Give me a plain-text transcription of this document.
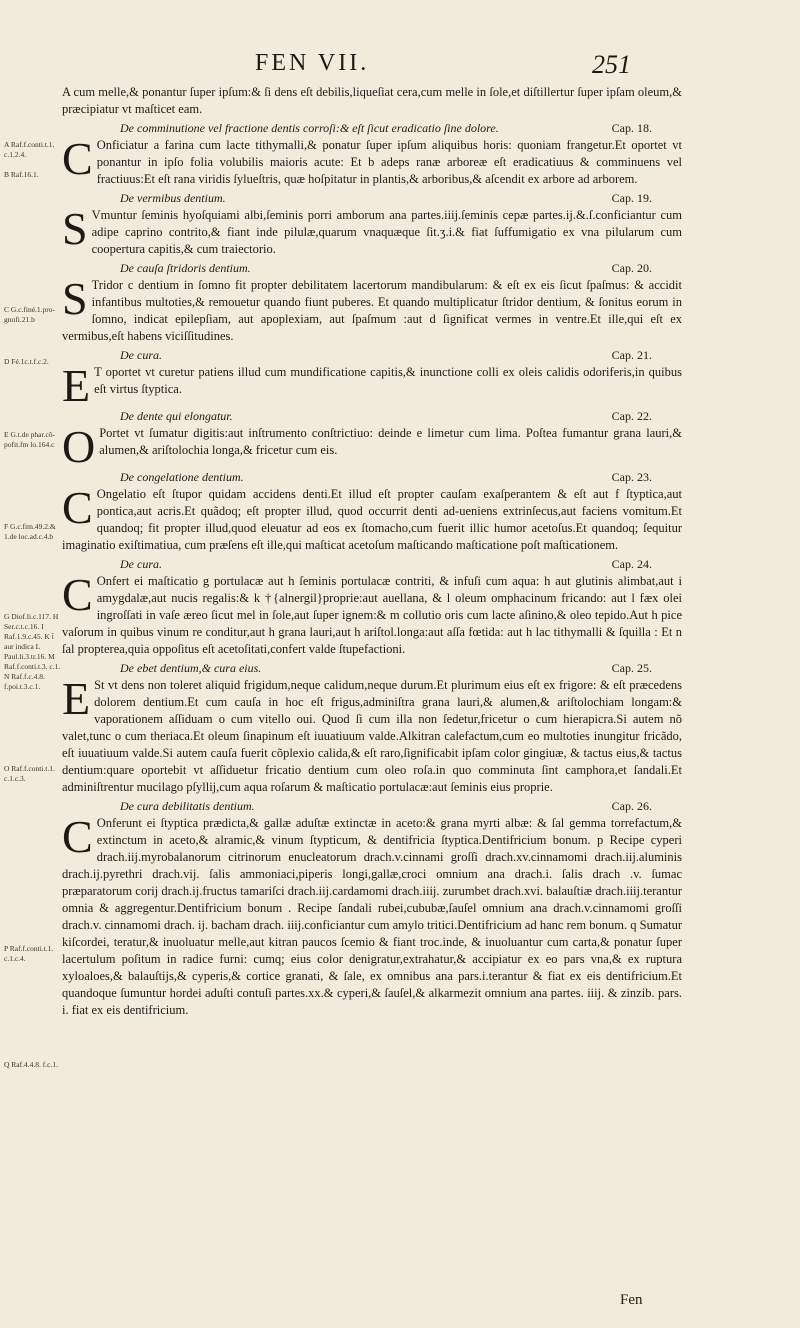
FEN VII.	251
A Raf.f.conti.t.1. c.1.2.4.
B Raf.16.1.
C G.c.finé.1.pro-gnofi.21.b
D Fé.1c.t.f.c.2.
E G.t.de phar.cõ-pofit.fm lo.164.c
F G.c.fim.49.2.& 1.de loc.ad.c.4.b
G Diof.li.c.117. H Ser.c.t.c.16. I Raf.1.9.c.45. K t̃ aur indica L Paul.li.3.tr.16. M Raf.f.conti.t.3. c.1. N Raf.f.c.4.8. f.poi.t.3.c.1.
O Raf.f.conti.t.1. c.1.c.3.
P Raf.f.conti.t.1. c.1.c.4.
Q Raf.4.4.8. f.c.1.

A cum melle,& ponantur ſuper ipſum:& ſi dens eſt debilis,liqueſiat cera,cum melle in ſole,et diſtillertur ſuper ipſam oleum,& præcipiatur vt maſticet eam.

De comminutione vel fractione dentis corroſi:& eſt ſicut eradicatio ſine dolore.	Cap. 18.

C Onficiatur a farina cum lacte tithymalli,& ponatur ſuper ipſum aliquibus horis: quoniam frangetur.Et oportet vt ponantur in ipſo folia volubilis maioris acute: Et b adeps ranæ arboreæ eſt eradicatiuus & comminuens vel fractiuus:Et eſt rana viridis ſylueſtris, quæ hoſpitatur in plantis,& arboribus,& aſcendit ex arbore ad arborem.

De vermibus dentium.	Cap. 19.

S Vmuntur ſeminis hyoſquiami albi,ſeminis porri amborum ana partes.iiij.ſeminis cepæ partes.ij.&.ſ.conficiantur cum adipe caprino contrito,& fiant inde pilulæ,quarum vnaquæque ſit.ʒ.i.& fiat ſuffumigatio ex vna pilularum cum coopertura capitis,& cum traiectorio.

De cauſa ſtridoris dentium.	Cap. 20.

S Tridor c dentium in ſomno fit propter debilitatem lacertorum mandibularum: & eſt ex eis ſicut ſpaſmus: & accidit infantibus multoties,& remouetur quando fiunt puberes. Et quando multiplicatur ſtridor dentium, & ſonitus eorum in ſomno, indicat epilepſiam, aut apoplexiam, aut ſpaſmum :aut d ſignificat vermes in ventre.Et ille,qui eſt ex vermibus,eſt habens viciſſitudines.

De cura.	Cap. 21.

E T oportet vt curetur patiens illud cum mundificatione capitis,& inunctione colli ex oleis calidis odoriferis,in quibus eſt virtus ſtyptica.

De dente qui elongatur.	Cap. 22.

O Portet vt ſumatur digitis:aut inſtrumento conſtrictiuo: deinde e limetur cum lima. Poſtea fumantur grana lauri,& alumen,& ariſtolochia longa,& fricetur cum eis.

De congelatione dentium.	Cap. 23.

C Ongelatio eſt ſtupor quidam accidens denti.Et illud eſt propter cauſam exaſperantem & eſt aut f ſtyptica,aut pontica,aut acris.Et quãdoq; eſt propter illud, quod occurrit denti ad-ueniens extrinſecus,aut faciens vomitum.Et quandoq; fit propter illud,quod eleuatur ad eos ex ſtomacho,cum fuerit illic humor acetoſus.Et quandoq; ſequitur imaginatio exiſtimatiua, cum præſens eſt ille,qui maſticat acetoſum maſticando maſticatione poſt maſticationem.

De cura.	Cap. 24.

C Onfert ei maſticatio g portulacæ aut h ſeminis portulacæ contriti, & infuſi cum aqua: h aut glutinis alimbat,aut i amygdalæ,aut nucis regalis:& k †{alnergil}proprie:aut auellana, & l oleum omphacinum fricando: aut l fæx olei ingroſſati in vaſe æreo ſicut mel in ſole,aut ſuper ignem:& m collutio oris cum lacte aſinino,& oleo tepido.Aut h pice vaſorum in quibus vinum re conditur,aut h grana lauri,aut h ariſtol.longa:aut aſſa fœtida: aut h lac tithymalli & ſquilla : Et n ſal propterea,quia oppoſitus eſt acetoſitati,confert valde ſtupefactioni.

De ebet dentium,& cura eius.	Cap. 25.

E St vt dens non toleret aliquid frigidum,neque calidum,neque durum.Et plurimum eius eſt ex frigore: & eſt præcedens dolorem dentium.Et cum cauſa in hoc eſt frigus,adminiſtra grana lauri,& alumen,& ariſtolochiam longam:& vaporationem aſſiduam o cum vitello oui. Quod ſi cum illa non ſedetur,fricetur o cum hierapicra.Si autem nõ valet,tunc o cum theriaca.Et oleum ſinapinum eſt iuuatiuum valde.Alkitran calefactum,cum eo multoties inungitur fricãdo, eſt iuuatiuum valde.Si autem cauſa fuerit cõplexio calida,& eſt raro,ſignificabit ipſam color gingiuæ, & tactus eius,& tactus dentium:quare oportebit vt aſſiduetur fricatio dentium cum oleo roſa.in quo comminuta ſint camphora,et ſandali.Et adminiſtrentur mucilago pſyllij,cum aqua roſarum & maſticatio portulacæ:aut ſeminis eius proprie.

De cura debilitatis dentium.	Cap. 26.

C Onferunt ei ſtyptica prædicta,& gallæ aduſtæ extinctæ in aceto:& grana myrti albæ: & ſal gemma torrefactum,& extinctum in aceto,& alramic,& vinum ſtypticum, & dentifricia ſtyptica.Dentifricium bonum. p Recipe cyperi drach.iij.myrobalanorum citrinorum enucleatorum drach.v.cinnami groſſi drach.xv.cinnamomi drach.iij.aluminis drach.ij.pyrethri drach.vij. ſalis ammoniaci,piperis longi,gallæ,croci omnium ana drach.i. ſalis drach .v. ſumac præparatorum corij drach.ij.fructus tamariſci drach.iij.cardamomi drach.iiij. zurumbet drach.xvi. balauſtiæ drach.iiij.terantur omnia & aggregentur.Dentifricium bonum . Recipe ſandali rubei,cububæ,ſauſel omnium ana drach.v.cinnamomi groſſi drach.v. cinnamomi drach. ij. bacham drach. iiij.conficiantur cum amylo tritici.Dentifricium ad hanc rem bonum. q Sumatur kiſcordei, teratur,& inuoluatur melle,aut kitran paucos ſcemio & fiant troc.inde, & inuoluantur cum carta,& ponatur ſuper lacertulum poſitum in radice furni: cumq; eius color denigratur,extrahatur,& accipiatur ex eo pars vna,& ex ruptura xyloaloes,& balauſtijs,& cyperis,& cortice granati, & ſale, ex omnibus ana pars.i.terantur & fiat ex eis dentifricium.Et quandoque ſumuntur hordei aduſti contuſi partes.xx.& cyperi,& ſauſel,& alkarmezit omnium ana partes. iiij. & zinzib. pars. i. fiat ex eis dentifricium.

Fen
